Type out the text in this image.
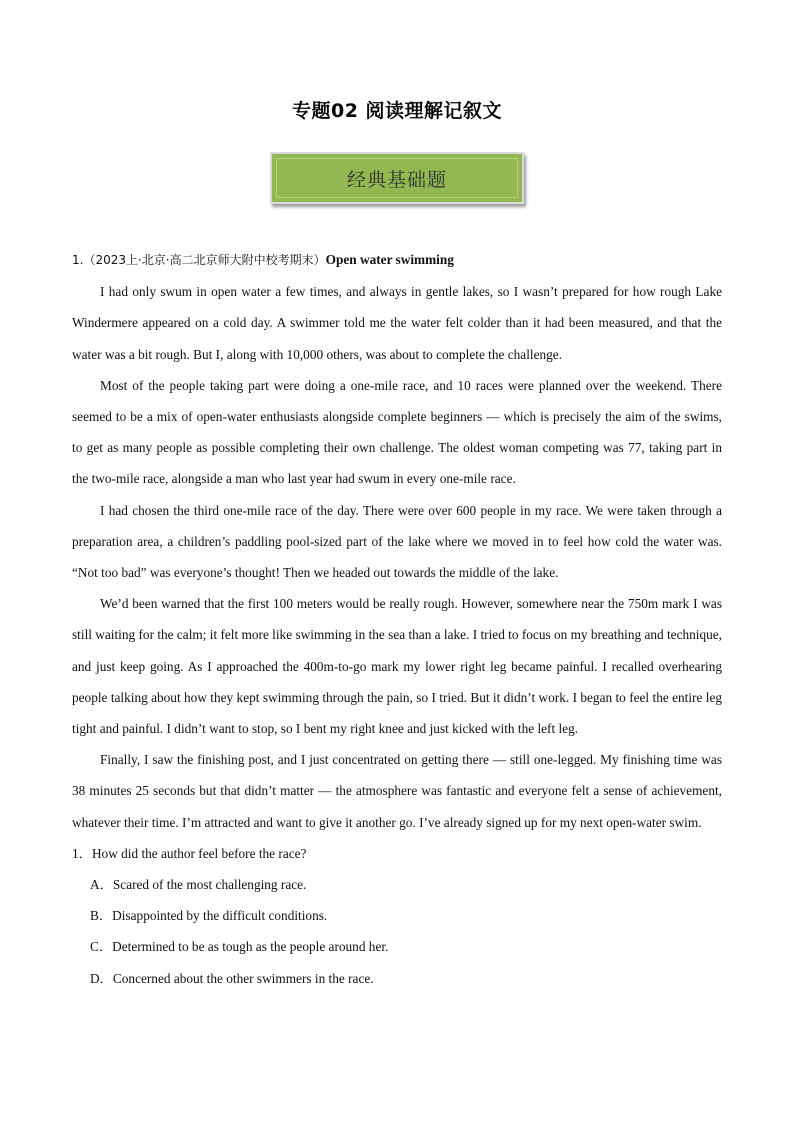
专题02 阅读理解记叙文
经典基础题

1.（2023上·北京·高二北京师大附中校考期末）Open water swimming

I had only swum in open water a few times, and always in gentle lakes, so I wasn’t prepared for how rough Lake Windermere appeared on a cold day. A swimmer told me the water felt colder than it had been measured, and that the water was a bit rough. But I, along with 10,000 others, was about to complete the challenge.

Most of the people taking part were doing a one-mile race, and 10 races were planned over the weekend. There seemed to be a mix of open-water enthusiasts alongside complete beginners — which is precisely the aim of the swims, to get as many people as possible completing their own challenge. The oldest woman competing was 77, taking part in the two-mile race, alongside a man who last year had swum in every one-mile race.

I had chosen the third one-mile race of the day. There were over 600 people in my race. We were taken through a preparation area, a children’s paddling pool-sized part of the lake where we moved in to feel how cold the water was. “Not too bad” was everyone’s thought! Then we headed out towards the middle of the lake.

We’d been warned that the first 100 meters would be really rough. However, somewhere near the 750m mark I was still waiting for the calm; it felt more like swimming in the sea than a lake. I tried to focus on my breathing and technique, and just keep going. As I approached the 400m-to-go mark my lower right leg became painful. I recalled overhearing people talking about how they kept swimming through the pain, so I tried. But it didn’t work. I began to feel the entire leg tight and painful. I didn’t want to stop, so I bent my right knee and just kicked with the left leg.

Finally, I saw the finishing post, and I just concentrated on getting there — still one-legged. My finishing time was 38 minutes 25 seconds but that didn’t matter — the atmosphere was fantastic and everyone felt a sense of achievement, whatever their time. I’m attracted and want to give it another go. I’ve already signed up for my next open-water swim.

1．How did the author feel before the race?

A．Scared of the most challenging race.

B．Disappointed by the difficult conditions.

C．Determined to be as tough as the people around her.

D．Concerned about the other swimmers in the race.
